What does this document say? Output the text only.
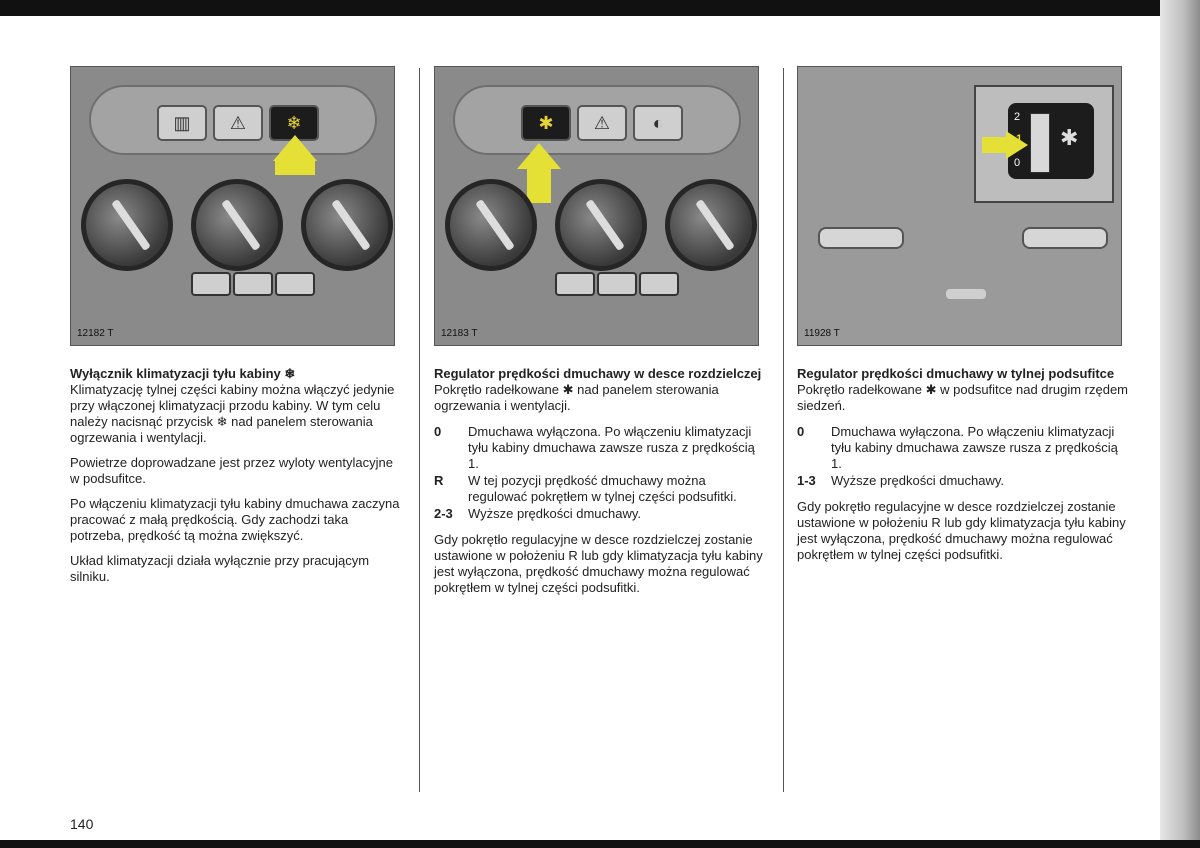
▥	⚠	❄
12182 T
Wyłącznik klimatyzacji tyłu kabiny ❄
Klimatyzację tylnej części kabiny można włączyć jedynie przy włączonej klimatyzacji przodu kabiny. W tym celu należy nacisnąć przycisk ❄ nad panelem sterowania ogrzewania i wentylacji.
Powietrze doprowadzane jest przez wyloty wentylacyjne w podsufitce.
Po włączeniu klimatyzacji tyłu kabiny dmuchawa zaczyna pracować z małą prędkością. Gdy zachodzi taka potrzeba, prędkość tą można zwiększyć.
Układ klimatyzacji działa wyłącznie przy pracującym silniku.
✱	⚠	◐
12183 T
Regulator prędkości dmuchawy w desce rozdzielczej
Pokrętło radełkowane ✱ nad panelem sterowania ogrzewania i wentylacji.
0	Dmuchawa wyłączona. Po włączeniu klimatyzacji tyłu kabiny dmuchawa zawsze rusza z prędkością 1.
R	W tej pozycji prędkość dmuchawy można regulować pokrętłem w tylnej części podsufitki.
2-3	Wyższe prędkości dmuchawy.
Gdy pokrętło regulacyjne w desce rozdzielczej zostanie ustawione w położeniu R lub gdy klimatyzacja tyłu kabiny jest wyłączona, prędkość dmuchawy można regulować pokrętłem w tylnej części podsufitki.
2
1
0
✱
11928 T
Regulator prędkości dmuchawy w tylnej podsufitce
Pokrętło radełkowane ✱ w podsufitce nad drugim rzędem siedzeń.
0	Dmuchawa wyłączona. Po włączeniu klimatyzacji tyłu kabiny dmuchawa zawsze rusza z prędkością 1.
1-3	Wyższe prędkości dmuchawy.
Gdy pokrętło regulacyjne w desce rozdzielczej zostanie ustawione w położeniu R lub gdy klimatyzacja tyłu kabiny jest wyłączona, prędkość dmuchawy można regulować pokrętłem w tylnej części podsufitki.
140
